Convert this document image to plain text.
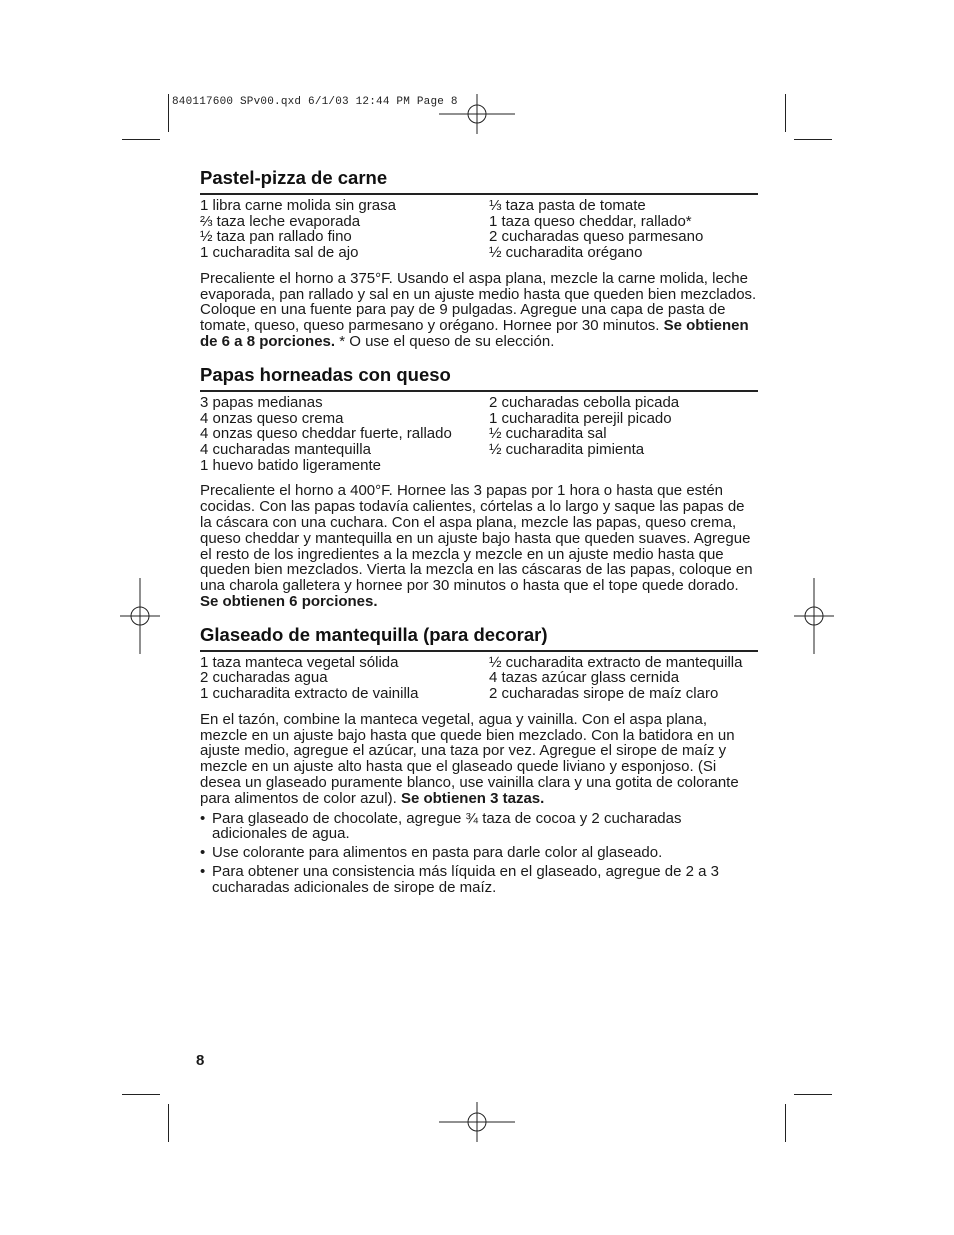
840117600 SPv00.qxd 6/1/03 12:44 PM Page 8
Pastel-pizza de carne
1 libra carne molida sin grasa
⅔ taza leche evaporada
½ taza pan rallado fino
1 cucharadita sal de ajo
⅓ taza pasta de tomate
1 taza queso cheddar, rallado*
2 cucharadas queso parmesano
½ cucharadita orégano

Precaliente el horno a 375°F. Usando el aspa plana, mezcle la carne molida, leche evaporada, pan rallado y sal en un ajuste medio hasta que queden bien mezclados. Coloque en una fuente para pay de 9 pulgadas. Agregue una capa de pasta de tomate, queso, queso parmesano y orégano. Hornee por 30 minutos. Se obtienen de 6 a 8 porciones. * O use el queso de su elección.

Papas horneadas con queso
3 papas medianas
4 onzas queso crema
4 onzas queso cheddar fuerte, rallado
4 cucharadas mantequilla
1 huevo batido ligeramente
2 cucharadas cebolla picada
1 cucharadita perejil picado
½ cucharadita sal
½ cucharadita pimienta

Precaliente el horno a 400°F. Hornee las 3 papas por 1 hora o hasta que estén cocidas. Con las papas todavía calientes, córtelas a lo largo y saque las papas de la cáscara con una cuchara. Con el aspa plana, mezcle las papas, queso crema, queso cheddar y mantequilla en un ajuste bajo hasta que queden suaves. Agregue el resto de los ingredientes a la mezcla y mezcle en un ajuste medio hasta que queden bien mezclados. Vierta la mezcla en las cáscaras de las papas, coloque en una charola galletera y hornee por 30 minutos o hasta que el tope quede dorado. Se obtienen 6 porciones.

Glaseado de mantequilla (para decorar)
1 taza manteca vegetal sólida
2 cucharadas agua
1 cucharadita extracto de vainilla
½ cucharadita extracto de mantequilla
4 tazas azúcar glass cernida
2 cucharadas sirope de maíz claro

En el tazón, combine la manteca vegetal, agua y vainilla. Con el aspa plana, mezcle en un ajuste bajo hasta que quede bien mezclado. Con la batidora en un ajuste medio, agregue el azúcar, una taza por vez. Agregue el sirope de maíz y mezcle en un ajuste alto hasta que el glaseado quede liviano y esponjoso. (Si desea un glaseado puramente blanco, use vainilla clara y una gotita de colorante para alimentos de color azul). Se obtienen 3 tazas.

• Para glaseado de chocolate, agregue ¾ taza de cocoa y 2 cucharadas adicionales de agua.
• Use colorante para alimentos en pasta para darle color al glaseado.
• Para obtener una consistencia más líquida en el glaseado, agregue de 2 a 3 cucharadas adicionales de sirope de maíz.
8
